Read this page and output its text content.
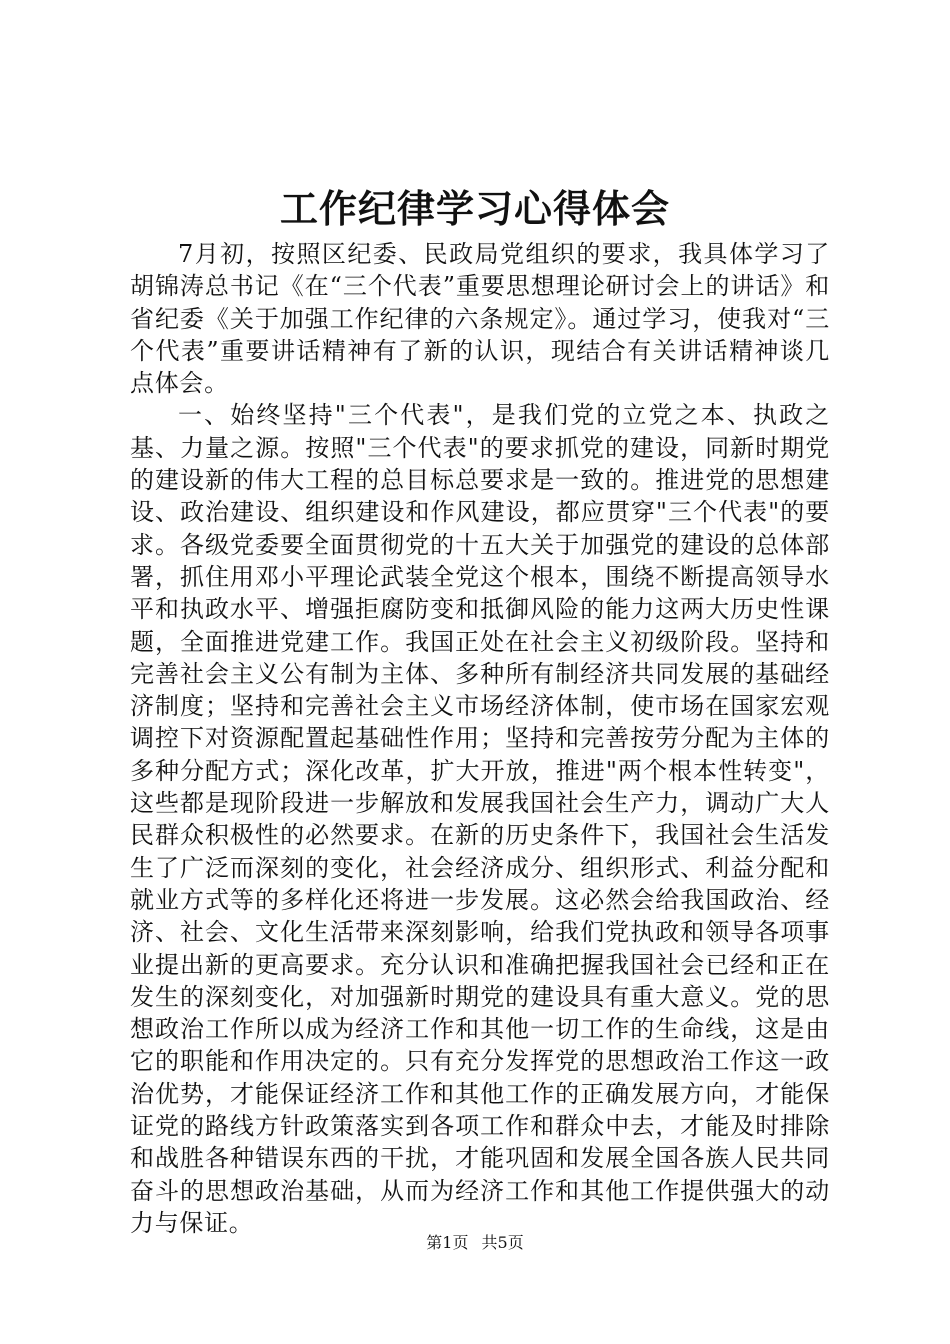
工作纪律学习心得体会

7月初，按照区纪委、民政局党组织的要求，我具体学习了胡锦涛总书记《在“三个代表”重要思想理论研讨会上的讲话》和省纪委《关于加强工作纪律的六条规定》。通过学习，使我对“三个代表”重要讲话精神有了新的认识，现结合有关讲话精神谈几点体会。

一、始终坚持"三个代表"，是我们党的立党之本、执政之基、力量之源。按照"三个代表"的要求抓党的建设，同新时期党的建设新的伟大工程的总目标总要求是一致的。推进党的思想建设、政治建设、组织建设和作风建设，都应贯穿"三个代表"的要求。各级党委要全面贯彻党的十五大关于加强党的建设的总体部署，抓住用邓小平理论武装全党这个根本，围绕不断提高领导水平和执政水平、增强拒腐防变和抵御风险的能力这两大历史性课题，全面推进党建工作。我国正处在社会主义初级阶段。坚持和完善社会主义公有制为主体、多种所有制经济共同发展的基础经济制度；坚持和完善社会主义市场经济体制，使市场在国家宏观调控下对资源配置起基础性作用；坚持和完善按劳分配为主体的多种分配方式；深化改革，扩大开放，推进"两个根本性转变"，这些都是现阶段进一步解放和发展我国社会生产力，调动广大人民群众积极性的必然要求。在新的历史条件下，我国社会生活发生了广泛而深刻的变化，社会经济成分、组织形式、利益分配和就业方式等的多样化还将进一步发展。这必然会给我国政治、经济、社会、文化生活带来深刻影响，给我们党执政和领导各项事业提出新的更高要求。充分认识和准确把握我国社会已经和正在发生的深刻变化，对加强新时期党的建设具有重大意义。党的思想政治工作所以成为经济工作和其他一切工作的生命线，这是由它的职能和作用决定的。只有充分发挥党的思想政治工作这一政治优势，才能保证经济工作和其他工作的正确发展方向，才能保证党的路线方针政策落实到各项工作和群众中去，才能及时排除和战胜各种错误东西的干扰，才能巩固和发展全国各族人民共同奋斗的思想政治基础，从而为经济工作和其他工作提供强大的动力与保证。

第1页 共5页
